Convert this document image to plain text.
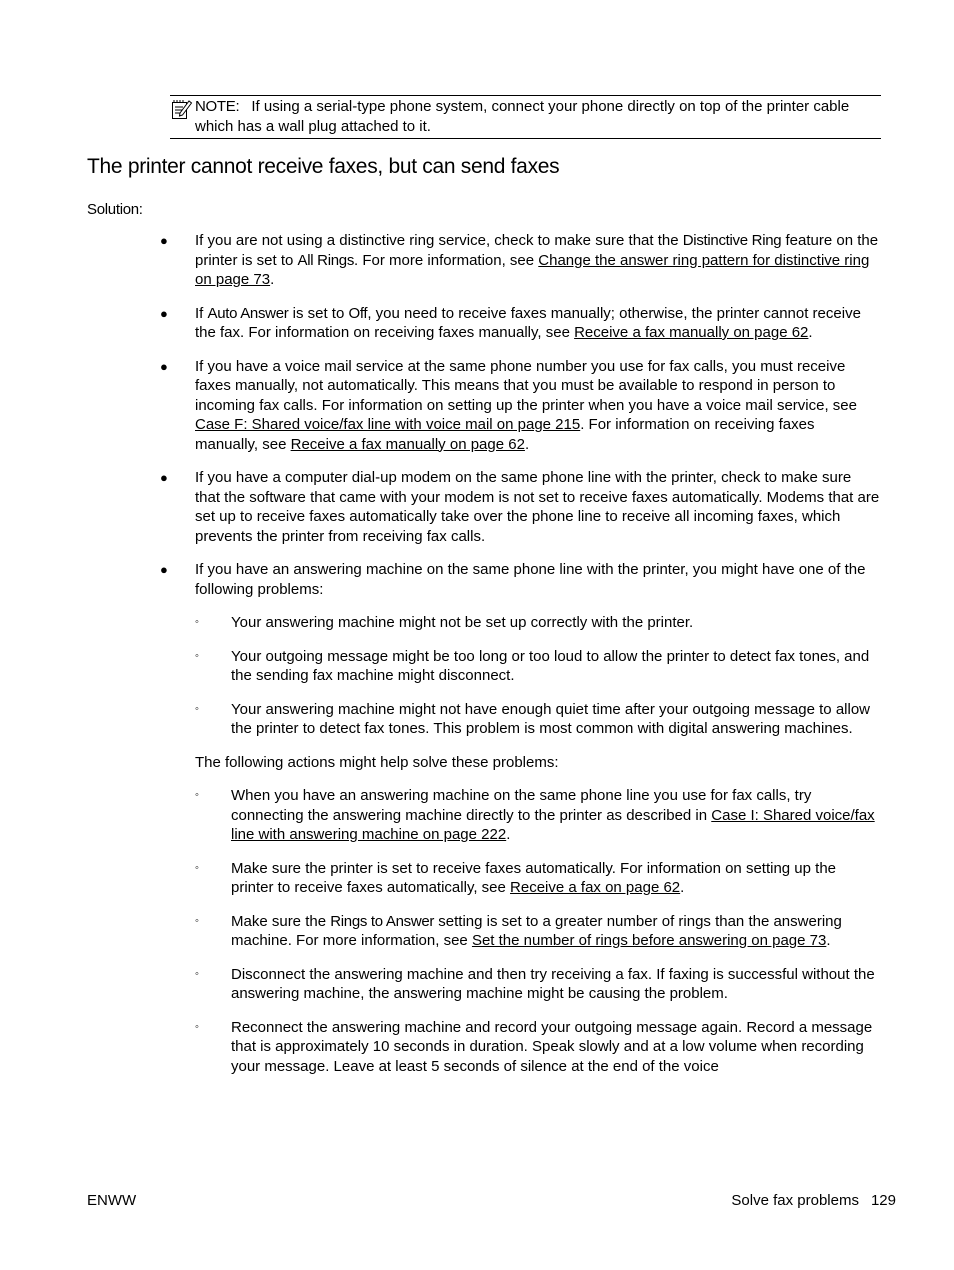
NOTE: If using a serial-type phone system, connect your phone directly on top of the printer cable which has a wall plug attached to it.
The printer cannot receive faxes, but can send faxes
Solution:
● If you are not using a distinctive ring service, check to make sure that the Distinctive Ring feature on the printer is set to All Rings. For more information, see Change the answer ring pattern for distinctive ring on page 73.
● If Auto Answer is set to Off, you need to receive faxes manually; otherwise, the printer cannot receive the fax. For information on receiving faxes manually, see Receive a fax manually on page 62.
● If you have a voice mail service at the same phone number you use for fax calls, you must receive faxes manually, not automatically. This means that you must be available to respond in person to incoming fax calls. For information on setting up the printer when you have a voice mail service, see Case F: Shared voice/fax line with voice mail on page 215. For information on receiving faxes manually, see Receive a fax manually on page 62.
● If you have a computer dial-up modem on the same phone line with the printer, check to make sure that the software that came with your modem is not set to receive faxes automatically. Modems that are set up to receive faxes automatically take over the phone line to receive all incoming faxes, which prevents the printer from receiving fax calls.
● If you have an answering machine on the same phone line with the printer, you might have one of the following problems:
◦ Your answering machine might not be set up correctly with the printer.
◦ Your outgoing message might be too long or too loud to allow the printer to detect fax tones, and the sending fax machine might disconnect.
◦ Your answering machine might not have enough quiet time after your outgoing message to allow the printer to detect fax tones. This problem is most common with digital answering machines.
The following actions might help solve these problems:
◦ When you have an answering machine on the same phone line you use for fax calls, try connecting the answering machine directly to the printer as described in Case I: Shared voice/fax line with answering machine on page 222.
◦ Make sure the printer is set to receive faxes automatically. For information on setting up the printer to receive faxes automatically, see Receive a fax on page 62.
◦ Make sure the Rings to Answer setting is set to a greater number of rings than the answering machine. For more information, see Set the number of rings before answering on page 73.
◦ Disconnect the answering machine and then try receiving a fax. If faxing is successful without the answering machine, the answering machine might be causing the problem.
◦ Reconnect the answering machine and record your outgoing message again. Record a message that is approximately 10 seconds in duration. Speak slowly and at a low volume when recording your message. Leave at least 5 seconds of silence at the end of the voice
ENWW	Solve fax problems 129
